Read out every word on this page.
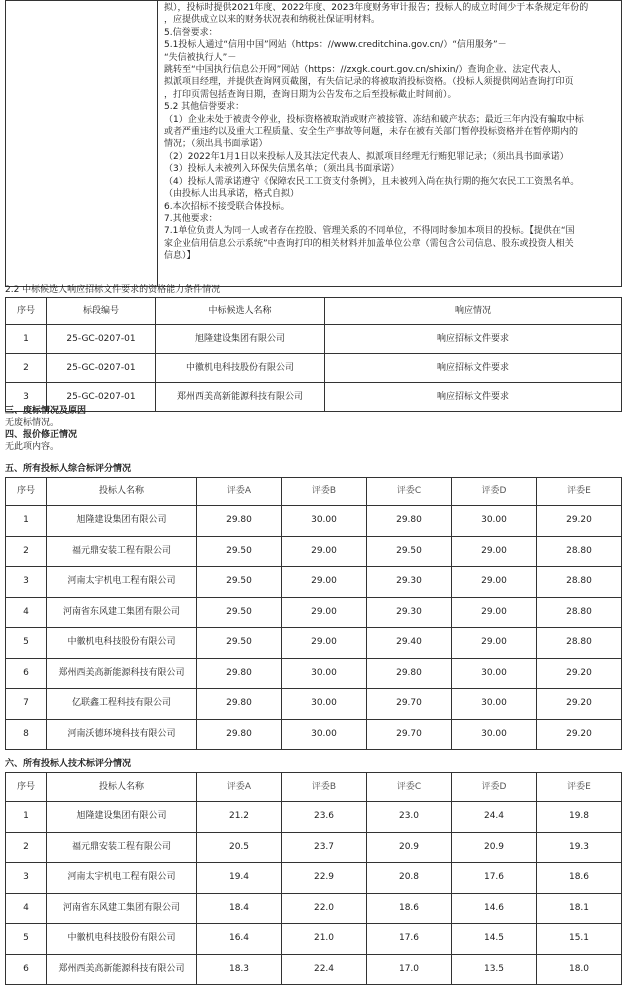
拟），投标时提供2021年度、2022年度、2023年度财务审计报告；投标人的成立时间少于本条规定年份的
，应提供成立以来的财务状况表和纳税社保证明材料。
5.信誉要求：
5.1投标人通过“信用中国”网站（https：//www.creditchina.gov.cn/）“信用服务”－
“失信被执行人”－
跳转至“中国执行信息公开网”网站（https：//zxgk.court.gov.cn/shixin/）查询企业、法定代表人、
拟派项目经理，并提供查询网页截图，有失信记录的将被取消投标资格。（投标人须提供网站查询打印页
，打印页需包括查询日期，查询日期为公告发布之后至投标截止时间前）。
5.2 其他信誉要求：
（1）企业未处于被责令停业，投标资格被取消或财产被接管、冻结和破产状态；最近三年内没有骗取中标
或者严重违约以及重大工程质量、安全生产事故等问题，未存在被有关部门暂停投标资格并在暂停期内的
情况；（须出具书面承诺）
（2）2022年1月1日以来投标人及其法定代表人、拟派项目经理无行贿犯罪记录；（须出具书面承诺）
（3）投标人未被列入环保失信黑名单；（须出具书面承诺）
（4）投标人需承诺遵守《保障农民工工资支付条例》，且未被列入尚在执行期的拖欠农民工工资黑名单。
（由投标人出具承诺，格式自拟）
6.本次招标不接受联合体投标。
7.其他要求：
7.1单位负责人为同一人或者存在控股、管理关系的不同单位，不得同时参加本项目的投标。【提供在“国
家企业信用信息公示系统”中查询打印的相关材料并加盖单位公章（需包含公司信息、股东或投资人相关
信息）】
2.2 中标候选人响应招标文件要求的资格能力条件情况
序号	标段编号	中标候选人名称	响应情况
1	25-GC-0207-01	旭隆建设集团有限公司	响应招标文件要求
2	25-GC-0207-01	中徽机电科技股份有限公司	响应招标文件要求
3	25-GC-0207-01	郑州西美高新能源科技有限公司	响应招标文件要求
三、废标情况及原因
无废标情况。
四、报价修正情况
无此项内容。
五、所有投标人综合标评分情况
序号	投标人名称	评委A	评委B	评委C	评委D	评委E
1	旭隆建设集团有限公司	29.80	30.00	29.80	30.00	29.20
2	福元鼎安装工程有限公司	29.50	29.00	29.50	29.00	28.80
3	河南太宇机电工程有限公司	29.50	29.00	29.30	29.00	28.80
4	河南省东风建工集团有限公司	29.50	29.00	29.30	29.00	28.80
5	中徽机电科技股份有限公司	29.50	29.00	29.40	29.00	28.80
6	郑州西美高新能源科技有限公司	29.80	30.00	29.80	30.00	29.20
7	亿联鑫工程科技有限公司	29.80	30.00	29.70	30.00	29.20
8	河南沃德环境科技有限公司	29.80	30.00	29.70	30.00	29.20
六、所有投标人技术标评分情况
序号	投标人名称	评委A	评委B	评委C	评委D	评委E
1	旭隆建设集团有限公司	21.2	23.6	23.0	24.4	19.8
2	福元鼎安装工程有限公司	20.5	23.7	20.9	20.9	19.3
3	河南太宇机电工程有限公司	19.4	22.9	20.8	17.6	18.6
4	河南省东风建工集团有限公司	18.4	22.0	18.6	14.6	18.1
5	中徽机电科技股份有限公司	16.4	21.0	17.6	14.5	15.1
6	郑州西美高新能源科技有限公司	18.3	22.4	17.0	13.5	18.0
